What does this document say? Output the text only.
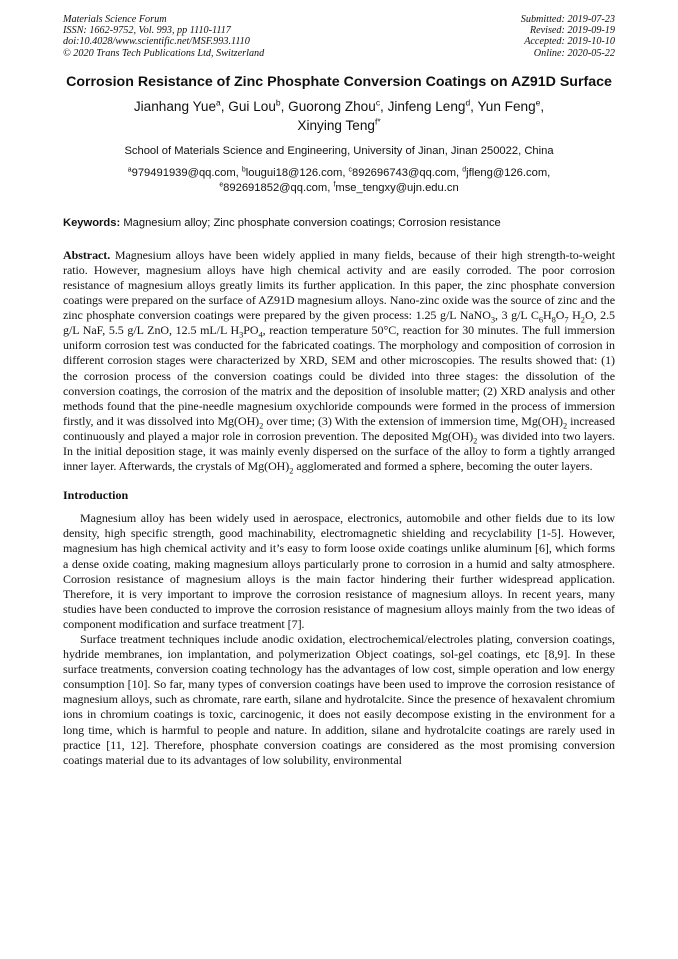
Materials Science Forum
ISSN: 1662-9752, Vol. 993, pp 1110-1117
doi:10.4028/www.scientific.net/MSF.993.1110
© 2020 Trans Tech Publications Ltd, Switzerland
Submitted: 2019-07-23
Revised: 2019-09-19
Accepted: 2019-10-10
Online: 2020-05-22
Corrosion Resistance of Zinc Phosphate Conversion Coatings on AZ91D Surface
Jianhang Yue$^a$, Gui Lou$^b$, Guorong Zhou$^c$, Jinfeng Leng$^d$, Yun Feng$^e$,
Xinying Teng$^{f*}$
School of Materials Science and Engineering, University of Jinan, Jinan 250022, China
$^a$979491939@qq.com, $^b$lougui18@126.com, $^c$892696743@qq.com, $^d$jfleng@126.com,
$^e$892691852@qq.com, $^f$mse_tengxy@ujn.edu.cn
Keywords: Magnesium alloy; Zinc phosphate conversion coatings; Corrosion resistance
Abstract. Magnesium alloys have been widely applied in many fields, because of their high strength-to-weight ratio. However, magnesium alloys have high chemical activity and are easily corroded. The poor corrosion resistance of magnesium alloys greatly limits its further application. In this paper, the zinc phosphate conversion coatings were prepared on the surface of AZ91D magnesium alloys. Nano-zinc oxide was the source of zinc and the zinc phosphate conversion coatings were prepared by the given process: 1.25 g/L NaNO$_3$, 3 g/L $C_6H_8O_7$ $H_2O$, 2.5 g/L NaF, 5.5 g/L ZnO, 12.5 mL/L $H_3PO_4$, reaction temperature 50°C, reaction for 30 minutes. The full immersion uniform corrosion test was conducted for the fabricated coatings. The morphology and composition of corrosion in different corrosion stages were characterized by XRD, SEM and other microscopies. The results showed that: (1) the corrosion process of the conversion coatings could be divided into three stages: the dissolution of the conversion coatings, the corrosion of the matrix and the deposition of insoluble matter; (2) XRD analysis and other methods found that the pine-needle magnesium oxychloride compounds were formed in the process of immersion firstly, and it was dissolved into $Mg(OH)_2$ over time; (3) With the extension of immersion time, $Mg(OH)_2$ increased continuously and played a major role in corrosion prevention. The deposited $Mg(OH)_2$ was divided into two layers. In the initial deposition stage, it was mainly evenly dispersed on the surface of the alloy to form a tightly arranged inner layer. Afterwards, the crystals of $Mg(OH)_2$ agglomerated and formed a sphere, becoming the outer layers.
Introduction
Magnesium alloy has been widely used in aerospace, electronics, automobile and other fields due to its low density, high specific strength, good machinability, electromagnetic shielding and recyclability [1-5]. However, magnesium has high chemical activity and it’s easy to form loose oxide coatings unlike aluminum [6], which forms a dense oxide coating, making magnesium alloys particularly prone to corrosion in a humid and salty atmosphere. Corrosion resistance of magnesium alloys is the main factor hindering their further widespread application. Therefore, it is very important to improve the corrosion resistance of magnesium alloys. In recent years, many studies have been conducted to improve the corrosion resistance of magnesium alloys mainly from the two ideas of component modification and surface treatment [7].
Surface treatment techniques include anodic oxidation, electrochemical/electroles plating, conversion coatings, hydride membranes, ion implantation, and polymerization Object coatings, sol-gel coatings, etc [8,9]. In these surface treatments, conversion coating technology has the advantages of low cost, simple operation and low energy consumption [10]. So far, many types of conversion coatings have been used to improve the corrosion resistance of magnesium alloys, such as chromate, rare earth, silane and hydrotalcite. Since the presence of hexavalent chromium ions in chromium coatings is toxic, carcinogenic, it does not easily decompose existing in the environment for a long time, which is harmful to people and nature. In addition, silane and hydrotalcite coatings are rarely used in practice [11, 12]. Therefore, phosphate conversion coatings are considered as the most promising conversion coatings material due to its advantages of low solubility, environmental
